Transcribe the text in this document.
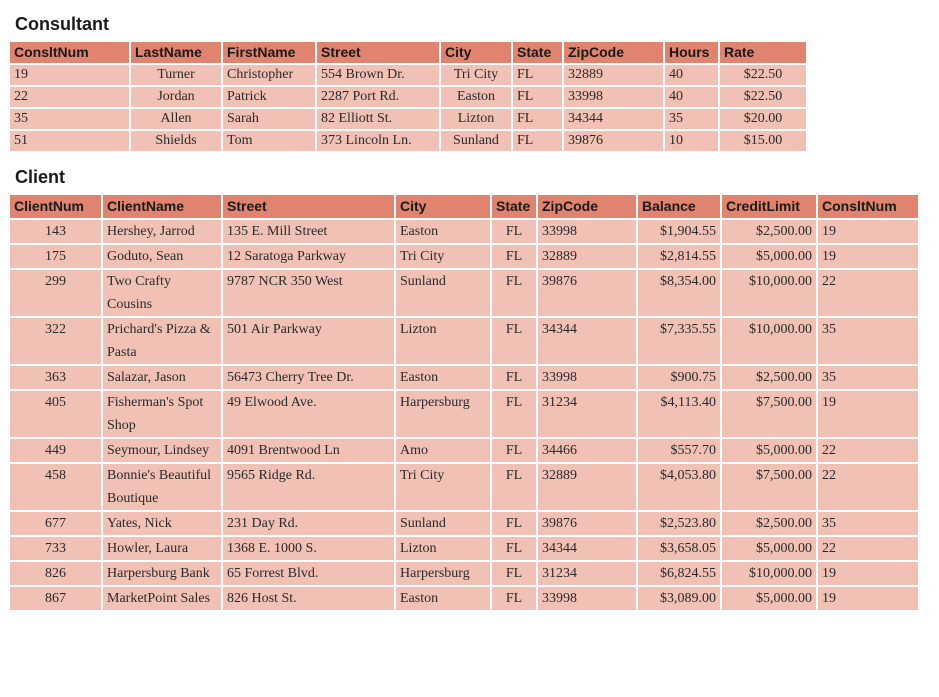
Consultant
ConsltNum	LastName	FirstName	Street	City	State	ZipCode	Hours	Rate
19	Turner	Christopher	554 Brown Dr.	Tri City	FL	32889	40	$22.50
22	Jordan	Patrick	2287 Port Rd.	Easton	FL	33998	40	$22.50
35	Allen	Sarah	82 Elliott St.	Lizton	FL	34344	35	$20.00
51	Shields	Tom	373 Lincoln Ln.	Sunland	FL	39876	10	$15.00
Client
ClientNum	ClientName	Street	City	State	ZipCode	Balance	CreditLimit	ConsltNum
143	Hershey, Jarrod	135 E. Mill Street	Easton	FL	33998	$1,904.55	$2,500.00	19
175	Goduto, Sean	12 Saratoga Parkway	Tri City	FL	32889	$2,814.55	$5,000.00	19
299	Two Crafty Cousins	9787 NCR 350 West	Sunland	FL	39876	$8,354.00	$10,000.00	22
322	Prichard's Pizza & Pasta	501 Air Parkway	Lizton	FL	34344	$7,335.55	$10,000.00	35
363	Salazar, Jason	56473 Cherry Tree Dr.	Easton	FL	33998	$900.75	$2,500.00	35
405	Fisherman's Spot Shop	49 Elwood Ave.	Harpersburg	FL	31234	$4,113.40	$7,500.00	19
449	Seymour, Lindsey	4091 Brentwood Ln	Amo	FL	34466	$557.70	$5,000.00	22
458	Bonnie's Beautiful Boutique	9565 Ridge Rd.	Tri City	FL	32889	$4,053.80	$7,500.00	22
677	Yates, Nick	231 Day Rd.	Sunland	FL	39876	$2,523.80	$2,500.00	35
733	Howler, Laura	1368 E. 1000 S.	Lizton	FL	34344	$3,658.05	$5,000.00	22
826	Harpersburg Bank	65 Forrest Blvd.	Harpersburg	FL	31234	$6,824.55	$10,000.00	19
867	MarketPoint Sales	826 Host St.	Easton	FL	33998	$3,089.00	$5,000.00	19
